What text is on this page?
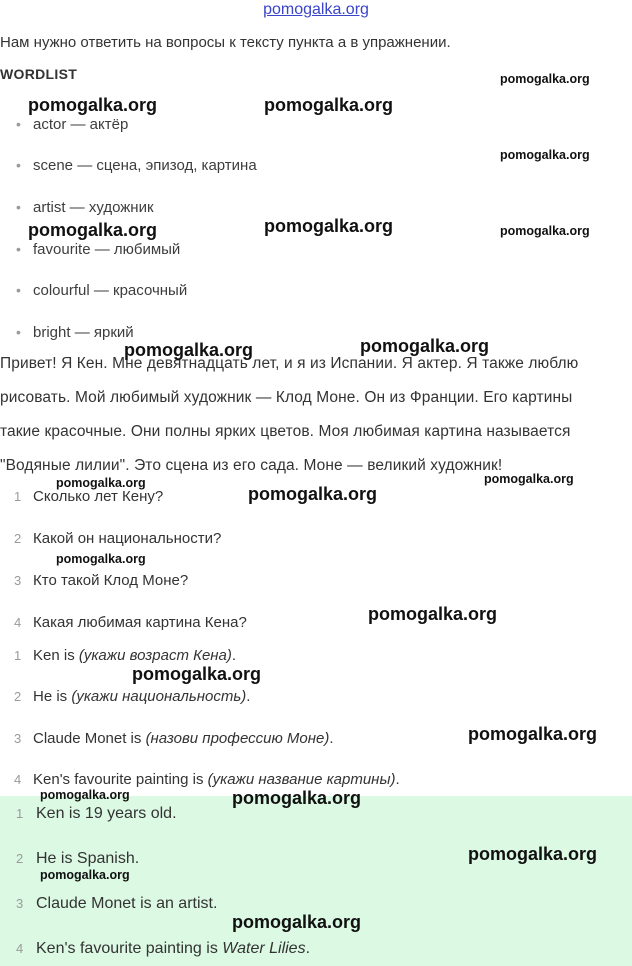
pomogalka.org
Нам нужно ответить на вопросы к тексту пункта a в упражнении.
WORDLIST
• actor — актёр
• scene — сцена, эпизод, картина
• artist — художник
• favourite — любимый
• colourful — красочный
• bright — яркий
Привет! Я Кен. Мне девятнадцать лет, и я из Испании. Я актер. Я также люблю
рисовать. Мой любимый художник — Клод Моне. Он из Франции. Его картины
такие красочные. Они полны ярких цветов. Моя любимая картина называется
"Водяные лилии". Это сцена из его сада. Моне — великий художник!
1 Сколько лет Кену?
2 Какой он национальности?
3 Кто такой Клод Моне?
4 Какая любимая картина Кена?
1 Ken is (укажи возраст Кена).
2 He is (укажи национальность).
3 Claude Monet is (назови профессию Моне).
4 Ken's favourite painting is (укажи название картины).
1 Ken is 19 years old.
2 He is Spanish.
3 Claude Monet is an artist.
4 Ken's favourite painting is Water Lilies.
pomogalka.org
pomogalka.org	pomogalka.org
pomogalka.org
pomogalka.org	pomogalka.org	pomogalka.org
pomogalka.org	pomogalka.org
pomogalka.org	pomogalka.org
pomogalka.org
pomogalka.org
pomogalka.org
pomogalka.org
pomogalka.org
pomogalka.org	pomogalka.org
pomogalka.org
pomogalka.org
pomogalka.org
